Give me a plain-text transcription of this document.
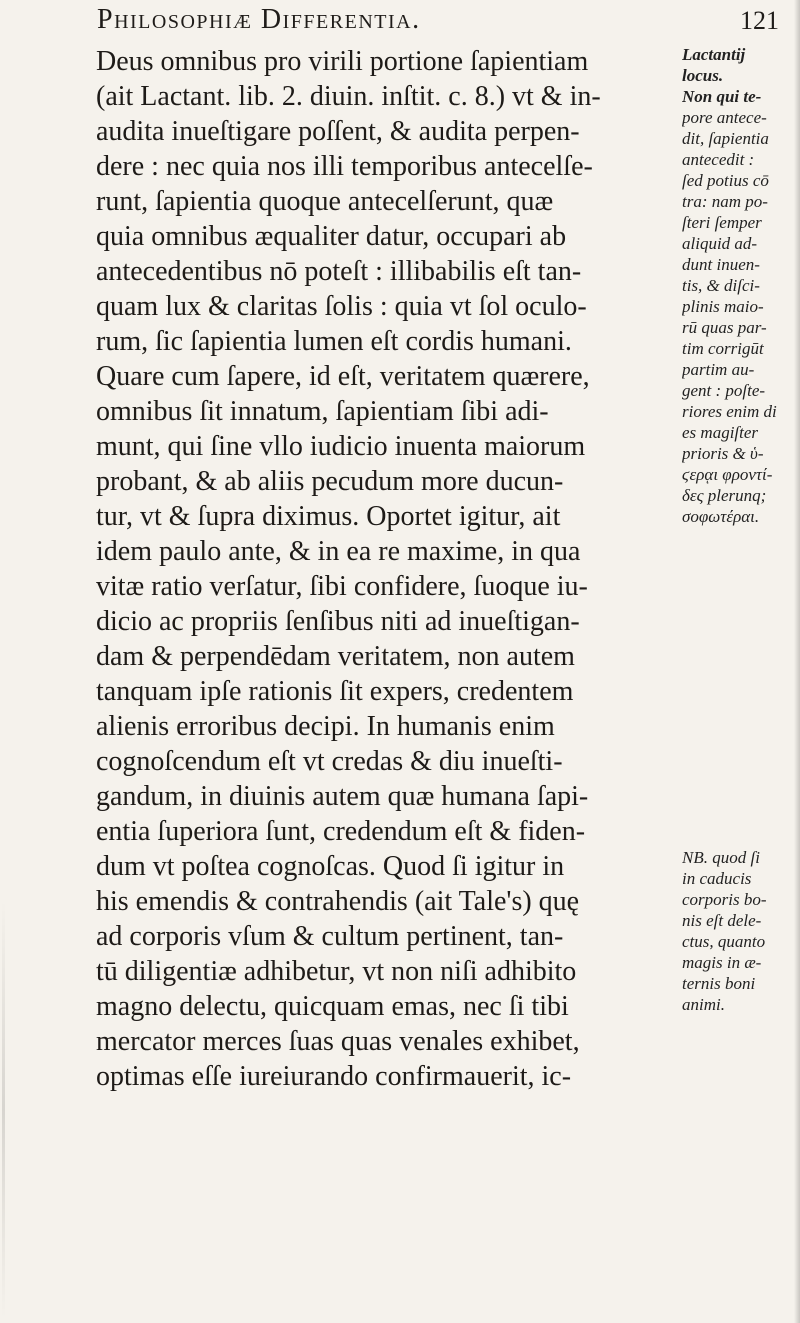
Philosophiæ Differentia.	121
Deus omnibus pro virili portione ſapientiam
(ait Lactant. lib. 2. diuin. inſtit. c. 8.) vt & in-
audita inueſtigare poſſent, & audita perpen-
dere : nec quia nos illi temporibus antecelſe-
runt, ſapientia quoque antecelſerunt, quæ
quia omnibus æqualiter datur, occupari ab
antecedentibus nō poteſt : illibabilis eſt tan-
quam lux & claritas ſolis : quia vt ſol oculo-
rum, ſic ſapientia lumen eſt cordis humani.
Quare cum ſapere, id eſt, veritatem quærere,
omnibus ſit innatum, ſapientiam ſibi adi-
munt, qui ſine vllo iudicio inuenta maiorum
probant, & ab aliis pecudum more ducun-
tur, vt & ſupra diximus. Oportet igitur, ait
idem paulo ante, & in ea re maxime, in qua
vitæ ratio verſatur, ſibi confidere, ſuoque iu-
dicio ac propriis ſenſibus niti ad inueſtigan-
dam & perpendēdam veritatem, non autem
tanquam ipſe rationis ſit expers, credentem
alienis erroribus decipi. In humanis enim
cognoſcendum eſt vt credas & diu inueſti-
gandum, in diuinis autem quæ humana ſapi-
entia ſuperiora ſunt, credendum eſt & fiden-
dum vt poſtea cognoſcas. Quod ſi igitur in
his emendis & contrahendis (ait Tale's) quę
ad corporis vſum & cultum pertinent, tan-
tū diligentiæ adhibetur, vt non niſi adhibito
magno delectu, quicquam emas, nec ſi tibi
mercator merces ſuas quas venales exhibet,
optimas eſſe iureiurando confirmauerit, ic-
Lactantij
locus.
Non qui te-
pore antece-
dit, ſapientia
antecedit :
ſed potius cō
tra: nam po-
ſteri ſemper
aliquid ad-
dunt inuen-
tis, & diſci-
plinis maio-
rū quas par-
tim corrigūt
partim au-
gent : poſte-
riores enim di
es magiſter
prioris & ὑ-
ϛερᾳι φροντί-
δες plerunq;
σοφωτέραι.
NB. quod ſi
in caducis
corporis bo-
nis eſt dele-
ctus, quanto
magis in æ-
ternis boni
animi.
